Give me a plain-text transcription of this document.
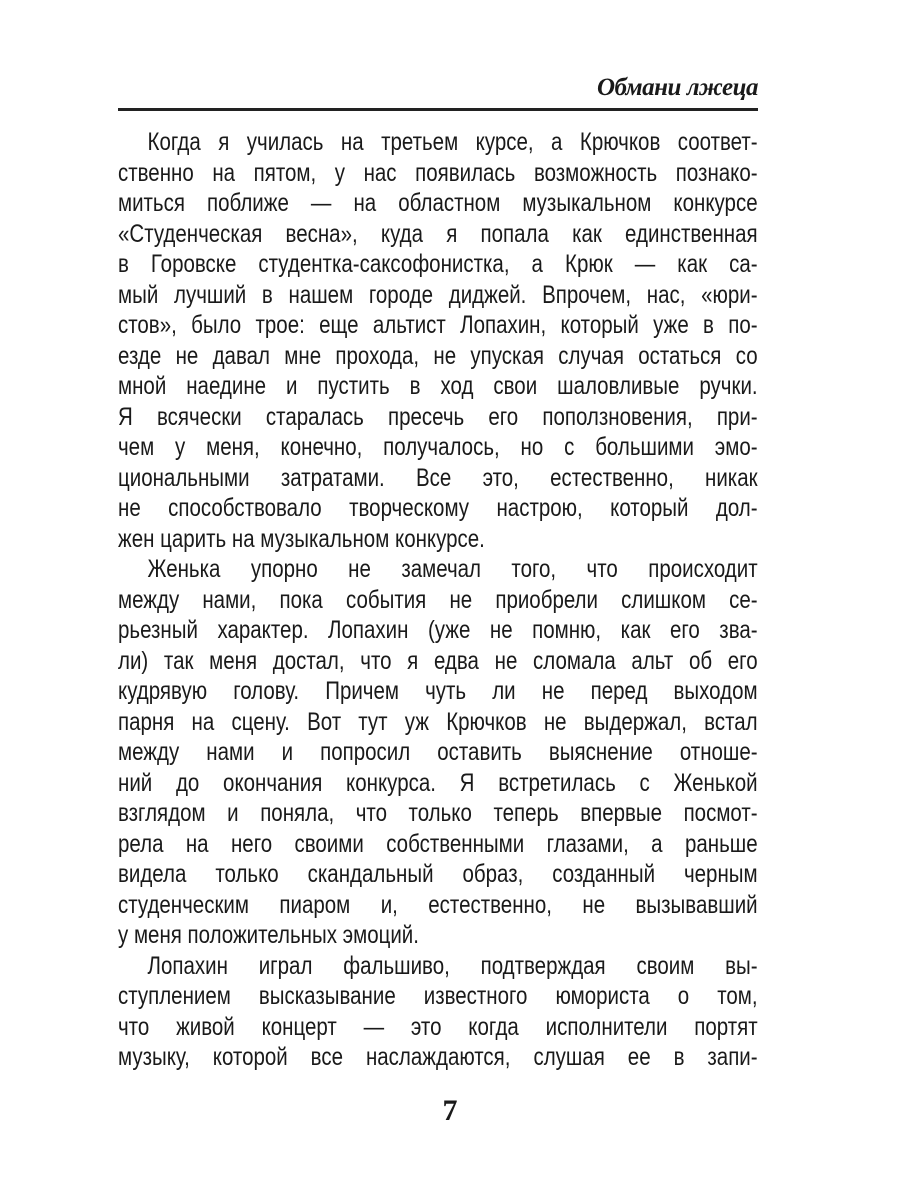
Обмани лжеца
Когда я училась на третьем курсе, а Крючков соответ-
ственно на пятом, у нас появилась возможность познако-
миться поближе — на областном музыкальном конкурсе
«Студенческая весна», куда я попала как единственная
в Горовске студентка-саксофонистка, а Крюк — как са-
мый лучший в нашем городе диджей. Впрочем, нас, «юри-
стов», было трое: еще альтист Лопахин, который уже в по-
езде не давал мне прохода, не упуская случая остаться со
мной наедине и пустить в ход свои шаловливые ручки.
Я всячески старалась пресечь его поползновения, при-
чем у меня, конечно, получалось, но с большими эмо-
циональными затратами. Все это, естественно, никак
не способствовало творческому настрою, который дол-
жен царить на музыкальном конкурсе.
Женька упорно не замечал того, что происходит
между нами, пока события не приобрели слишком се-
рьезный характер. Лопахин (уже не помню, как его зва-
ли) так меня достал, что я едва не сломала альт об его
кудрявую голову. Причем чуть ли не перед выходом
парня на сцену. Вот тут уж Крючков не выдержал, встал
между нами и попросил оставить выяснение отноше-
ний до окончания конкурса. Я встретилась с Женькой
взглядом и поняла, что только теперь впервые посмот-
рела на него своими собственными глазами, а раньше
видела только скандальный образ, созданный черным
студенческим пиаром и, естественно, не вызывавший
у меня положительных эмоций.
Лопахин играл фальшиво, подтверждая своим вы-
ступлением высказывание известного юмориста о том,
что живой концерт — это когда исполнители портят
музыку, которой все наслаждаются, слушая ее в запи-
7
